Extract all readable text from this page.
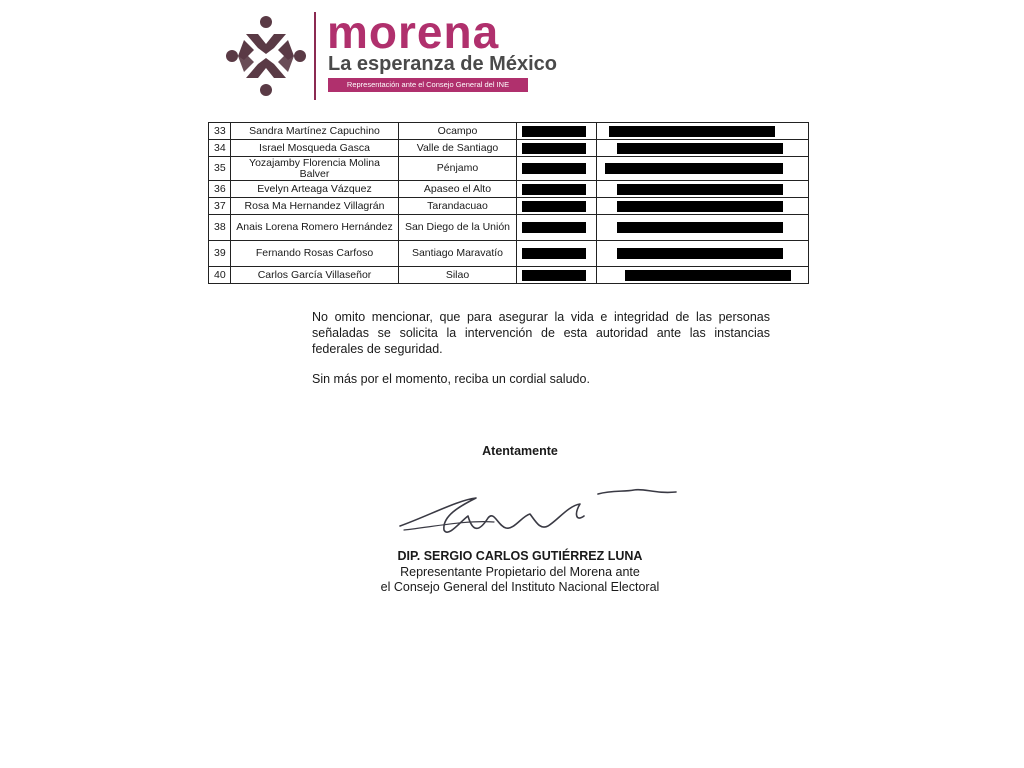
morena
La esperanza de México
Representación ante el Consejo General del INE
33	Sandra Martínez Capuchino	Ocampo	

34	Israel Mosqueda Gasca	Valle de Santiago	

35	Yozajamby Florencia Molina Balver	Pénjamo	

36	Evelyn Arteaga Vázquez	Apaseo el Alto	

37	Rosa Ma Hernandez Villagrán	Tarandacuao	

38	Anais Lorena Romero Hernández	San Diego de la Unión	

39	Fernando Rosas Carfoso	Santiago Maravatío	

40	Carlos García Villaseñor	Silao	

No omito mencionar, que para asegurar la vida e integridad de las personas señaladas se solicita la intervención de esta autoridad ante las instancias federales de seguridad.

Sin más por el momento, reciba un cordial saludo.

Atentamente
DIP. SERGIO CARLOS GUTIÉRREZ LUNA
Representante Propietario del Morena ante
el Consejo General del Instituto Nacional Electoral
